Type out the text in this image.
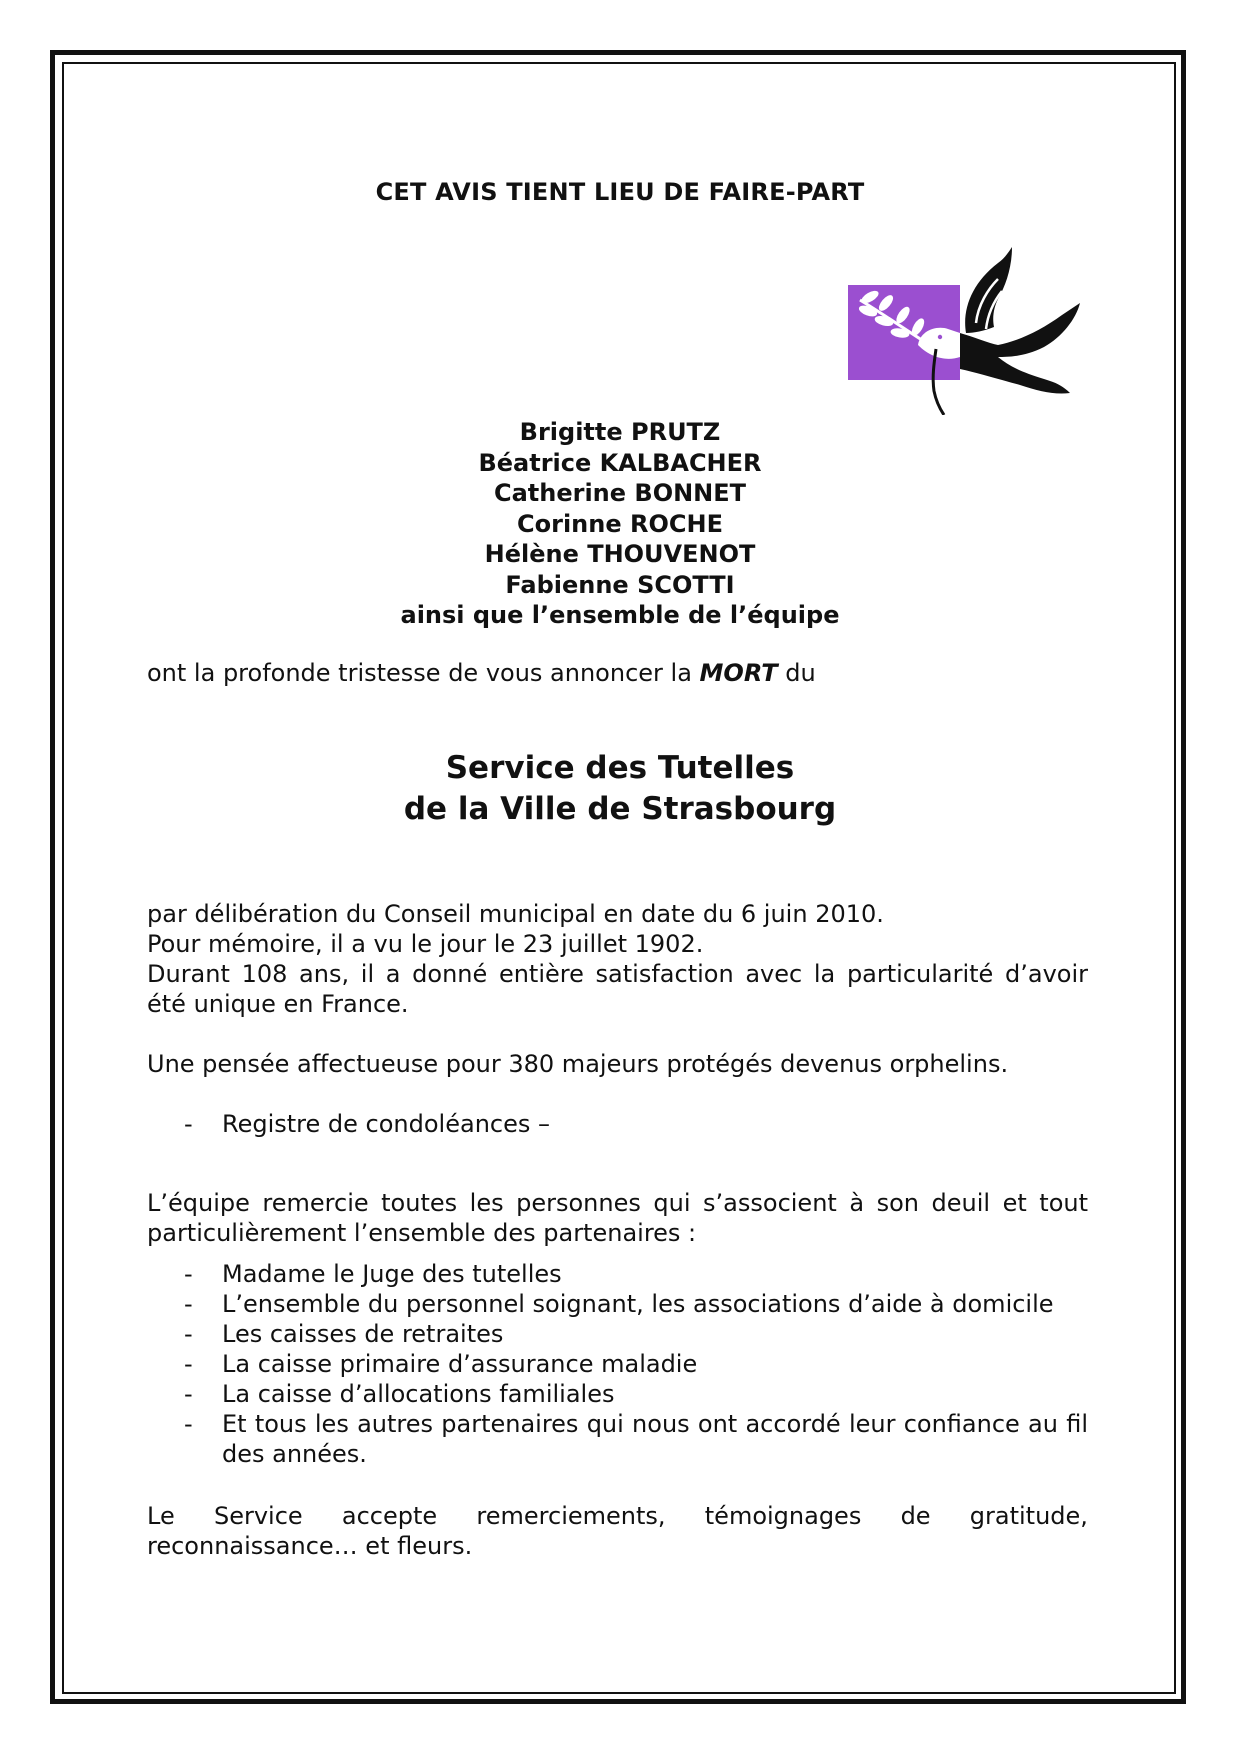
CET AVIS TIENT LIEU DE FAIRE-PART
Brigitte PRUTZ
Béatrice KALBACHER
Catherine BONNET
Corinne ROCHE
Hélène THOUVENOT
Fabienne SCOTTI
ainsi que l’ensemble de l’équipe
ont la profonde tristesse de vous annoncer la MORT du
Service des Tutelles
de la Ville de Strasbourg
par délibération du Conseil municipal en date du 6 juin 2010.
Pour mémoire, il a vu le jour le 23 juillet 1902.
Durant 108 ans, il a donné entière satisfaction avec la particularité d’avoir été unique en France.
Une pensée affectueuse pour 380 majeurs protégés devenus orphelins.
- Registre de condoléances –
L’équipe remercie toutes les personnes qui s’associent à son deuil et tout particulièrement l’ensemble des partenaires :
- Madame le Juge des tutelles
- L’ensemble du personnel soignant, les associations d’aide à domicile
- Les caisses de retraites
- La caisse primaire d’assurance maladie
- La caisse d’allocations familiales
- Et tous les autres partenaires qui nous ont accordé leur confiance au fil des années.
Le Service accepte remerciements, témoignages de gratitude,
reconnaissance… et fleurs.
